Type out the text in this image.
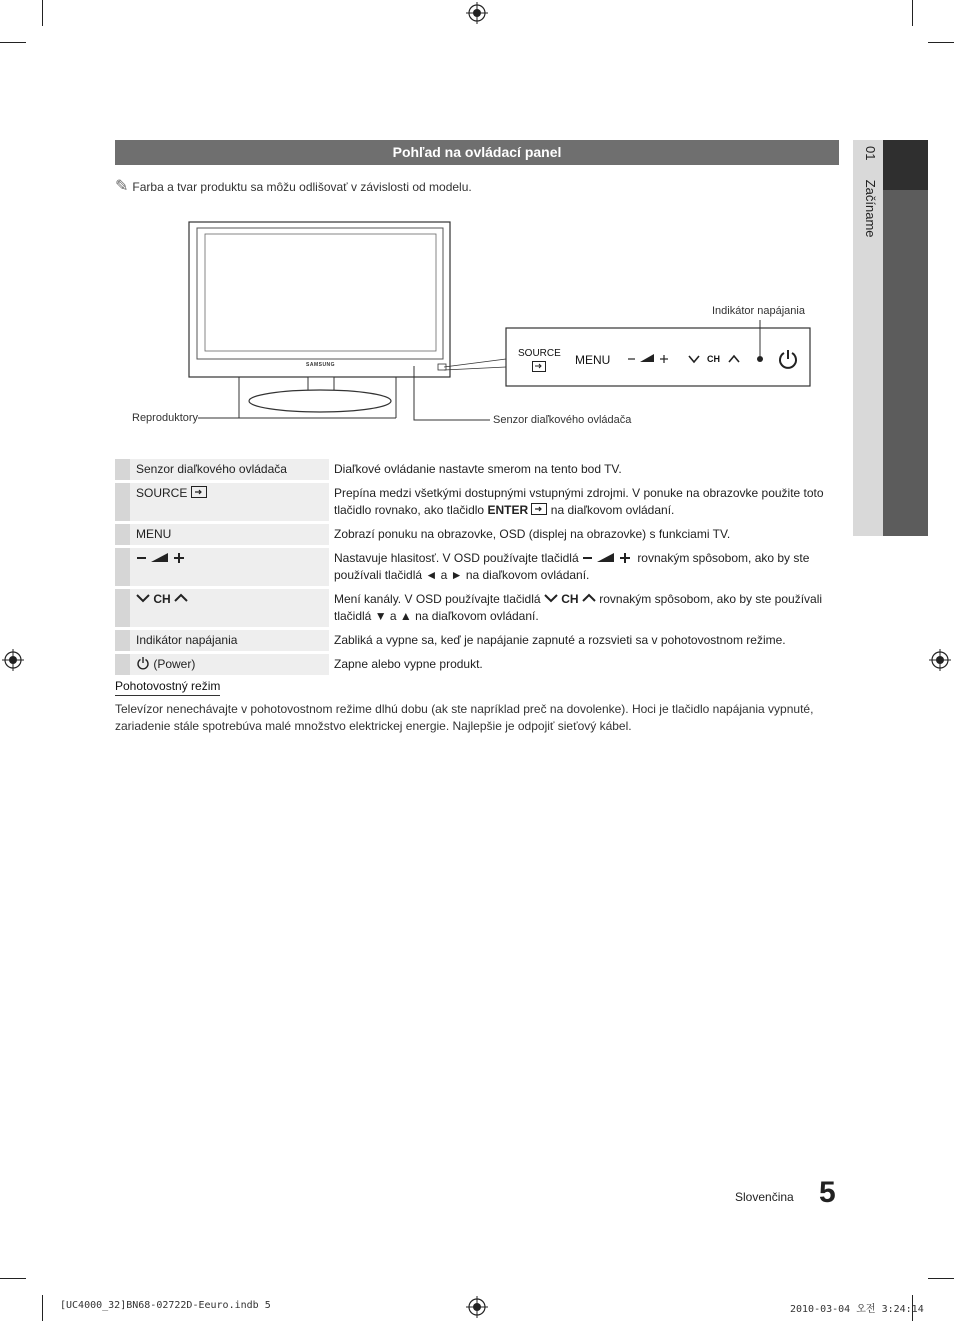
01  Začíname
Pohľad na ovládací panel
✎ Farba a tvar produktu sa môžu odlišovať v závislosti od modelu.
SAMSUNG
Indikátor napájania
Reproduktory	Senzor diaľkového ovládača
SOURCE MENU	CH
	Senzor diaľkového ovládača	Diaľkové ovládanie nastavte smerom na tento bod TV.
	SOURCE	Prepína medzi všetkými dostupnými vstupnými zdrojmi. V ponuke na obrazovke použite toto tlačidlo rovnako, ako tlačidlo ENTER na diaľkovom ovládaní.
	MENU	Zobrazí ponuku na obrazovke, OSD (displej na obrazovke) s funkciami TV.
		Nastavuje hlasitosť. V OSD používajte tlačidlá rovnakým spôsobom, ako by ste používali tlačidlá ◄ a ► na diaľkovom ovládaní.
	CH	Mení kanály. V OSD používajte tlačidlá CH rovnakým spôsobom, ako by ste používali tlačidlá ▼ a ▲ na diaľkovom ovládaní.
	Indikátor napájania	Zabliká a vypne sa, keď je napájanie zapnuté a rozsvieti sa v pohotovostnom režime.
	(Power)	Zapne alebo vypne produkt.
Pohotovostný režim
Televízor nenechávajte v pohotovostnom režime dlhú dobu (ak ste napríklad preč na dovolenke). Hoci je tlačidlo napájania vypnuté, zariadenie stále spotrebúva malé množstvo elektrickej energie. Najlepšie je odpojiť sieťový kábel.
Slovenčina 5
[UC4000_32]BN68-02722D-Eeuro.indb 5	2010-03-04 오전 3:24:14
